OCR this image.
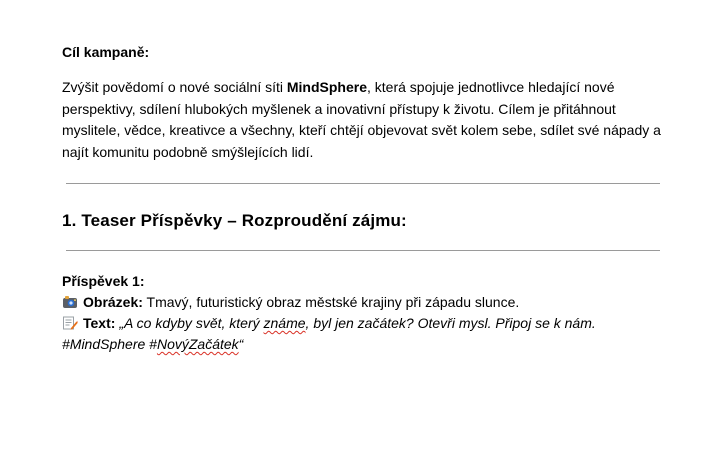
Cíl kampaně:

Zvýšit povědomí o nové sociální síti MindSphere, která spojuje jednotlivce hledající nové perspektivy, sdílení hlubokých myšlenek a inovativní přístupy k životu. Cílem je přitáhnout myslitele, vědce, kreativce a všechny, kteří chtějí objevovat svět kolem sebe, sdílet své nápady a najít komunitu podobně smýšlejících lidí.

1. Teaser Příspěvky – Rozproudění zájmu:
Příspěvek 1:
Obrázek: Tmavý, futuristický obraz městské krajiny při západu slunce.
Text: „A co kdyby svět, který známe, byl jen začátek? Otevři mysl. Připoj se k nám. #MindSphere #NovýZačátek“
